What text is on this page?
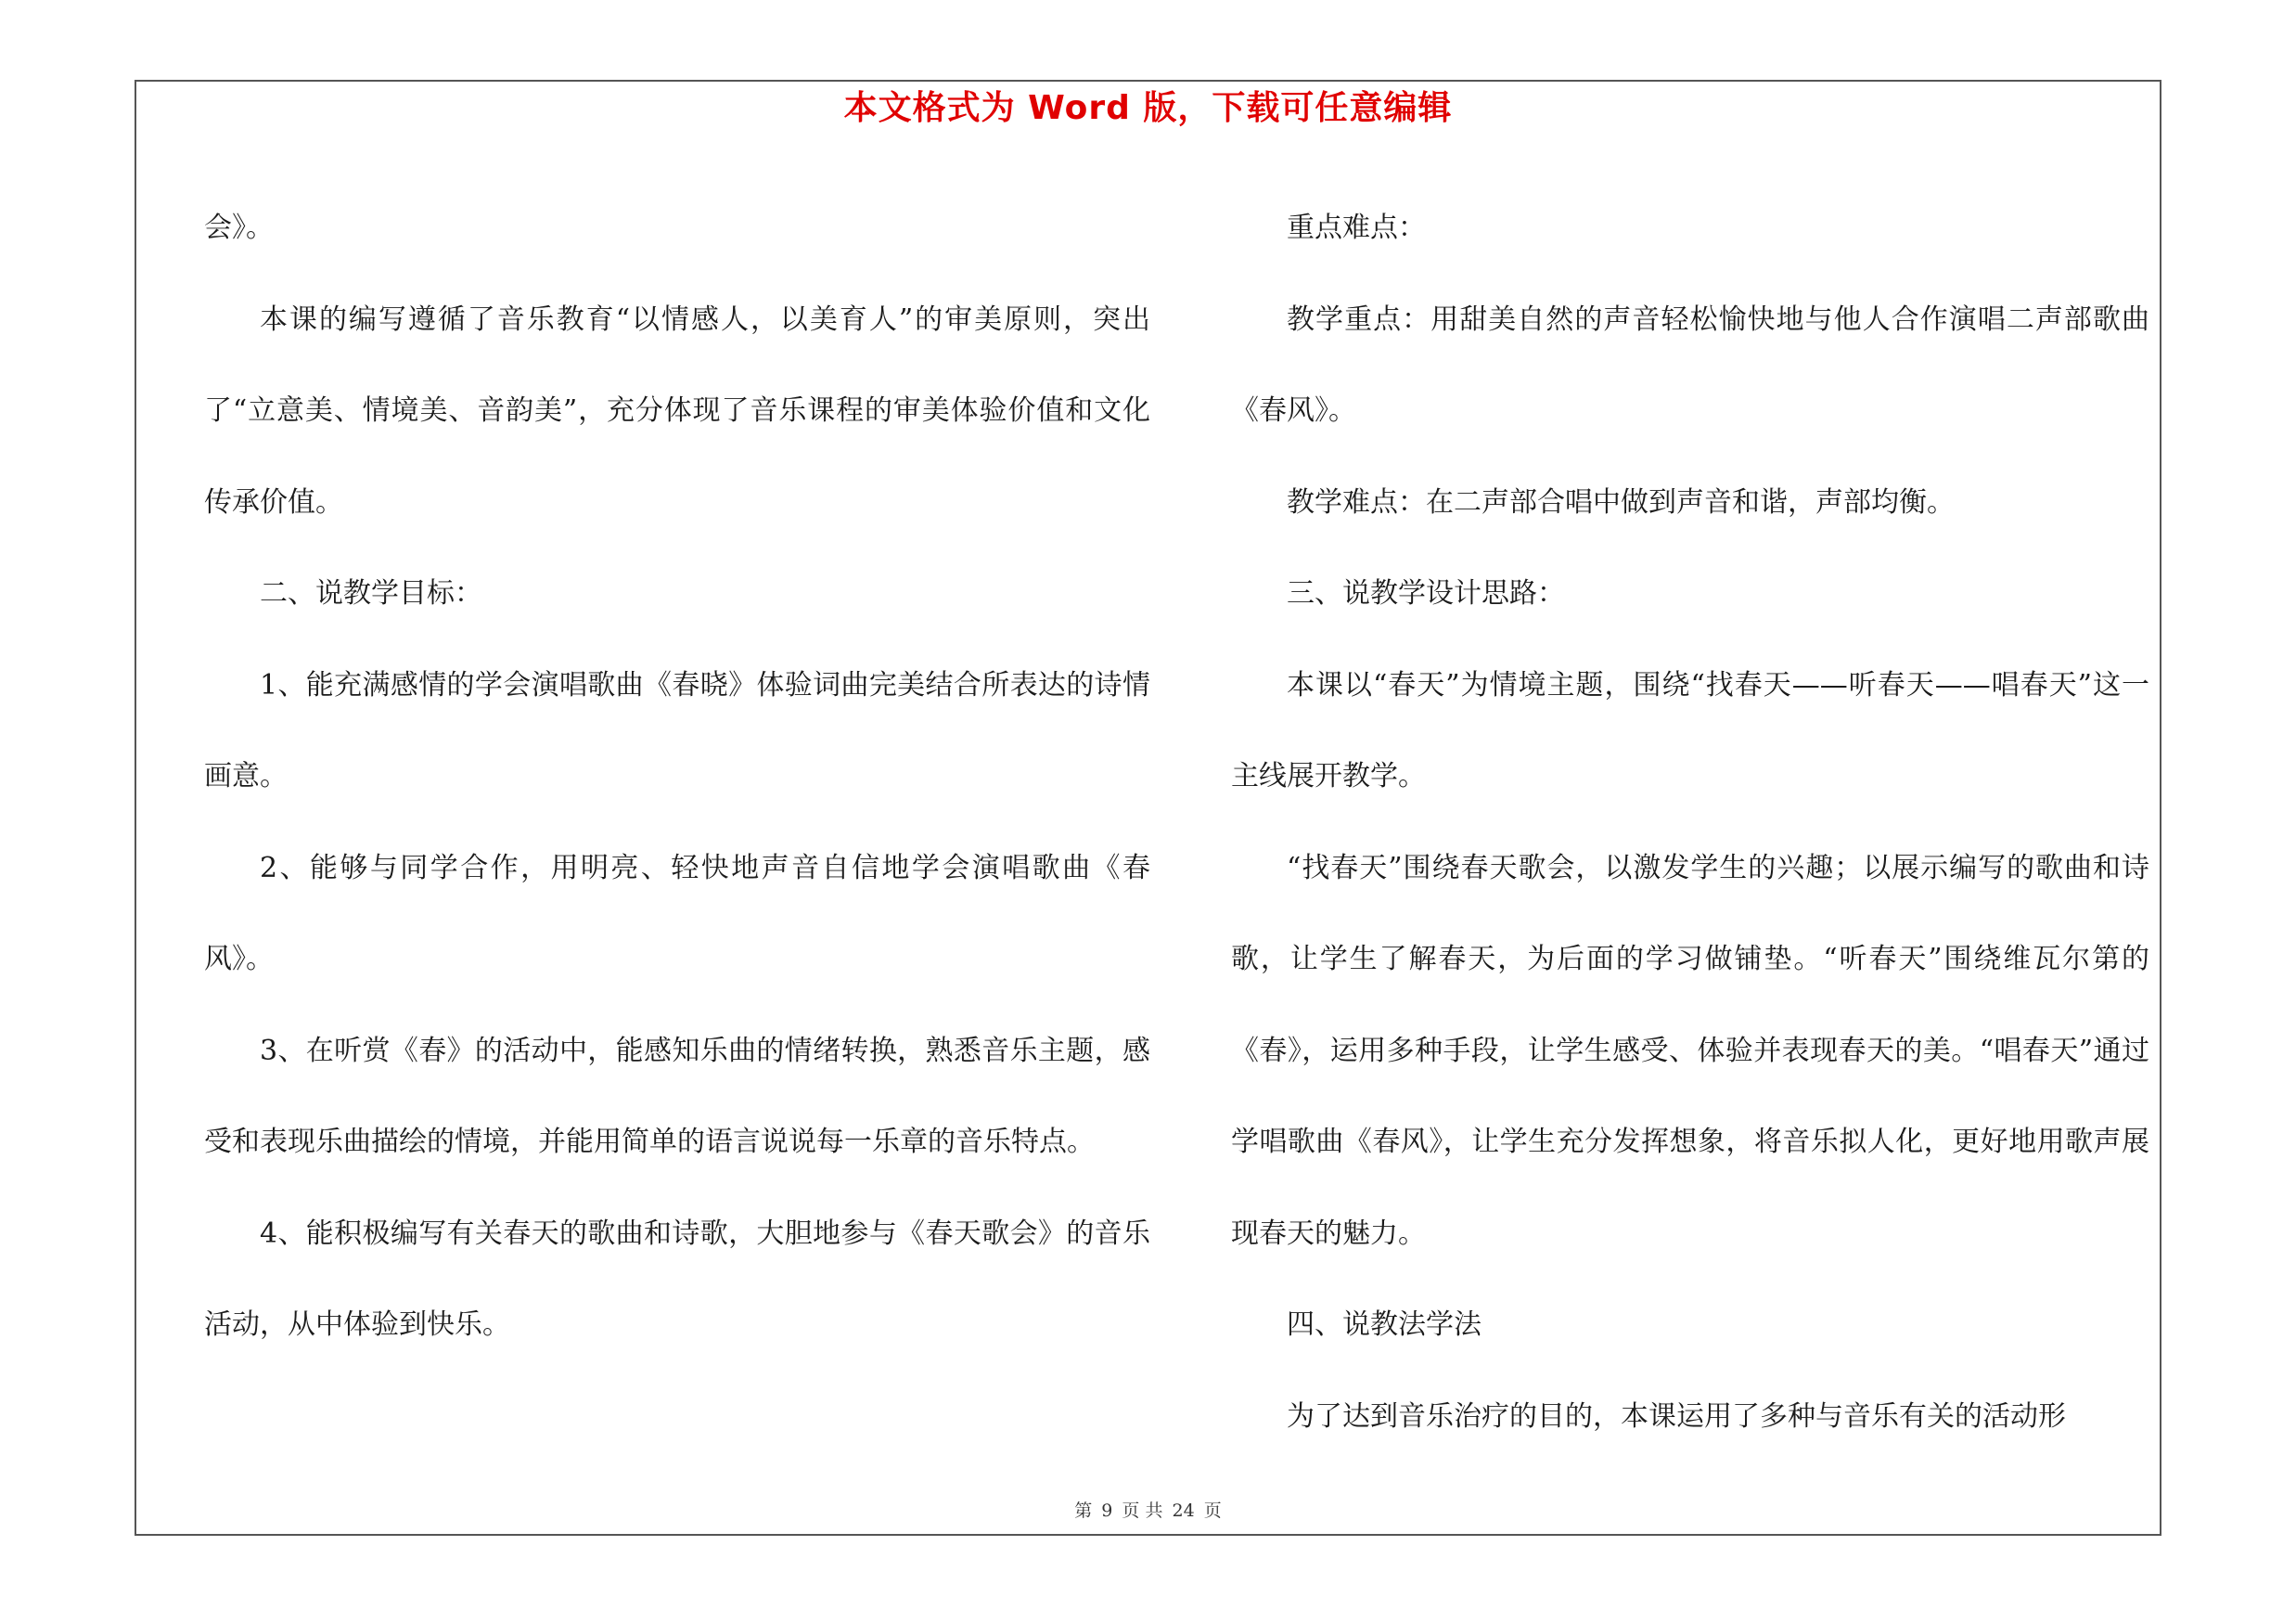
本文格式为 Word 版，下载可任意编辑

会》。

本课的编写遵循了音乐教育“以情感人，以美育人”的审美原则，突出了“立意美、情境美、音韵美”，充分体现了音乐课程的审美体验价值和文化传承价值。

二、说教学目标：

1、能充满感情的学会演唱歌曲《春晓》体验词曲完美结合所表达的诗情画意。

2、能够与同学合作，用明亮、轻快地声音自信地学会演唱歌曲《春风》。

3、在听赏《春》的活动中，能感知乐曲的情绪转换，熟悉音乐主题，感受和表现乐曲描绘的情境，并能用简单的语言说说每一乐章的音乐特点。

4、能积极编写有关春天的歌曲和诗歌，大胆地参与《春天歌会》的音乐活动，从中体验到快乐。

重点难点：

教学重点：用甜美自然的声音轻松愉快地与他人合作演唱二声部歌曲《春风》。

教学难点：在二声部合唱中做到声音和谐，声部均衡。

三、说教学设计思路：

本课以“春天”为情境主题，围绕“找春天——听春天——唱春天”这一主线展开教学。

“找春天”围绕春天歌会，以激发学生的兴趣；以展示编写的歌曲和诗歌，让学生了解春天，为后面的学习做铺垫。“听春天”围绕维瓦尔第的《春》，运用多种手段，让学生感受、体验并表现春天的美。“唱春天”通过学唱歌曲《春风》，让学生充分发挥想象，将音乐拟人化，更好地用歌声展现春天的魅力。

四、说教法学法

为了达到音乐治疗的目的，本课运用了多种与音乐有关的活动形

第 9 页 共 24 页
